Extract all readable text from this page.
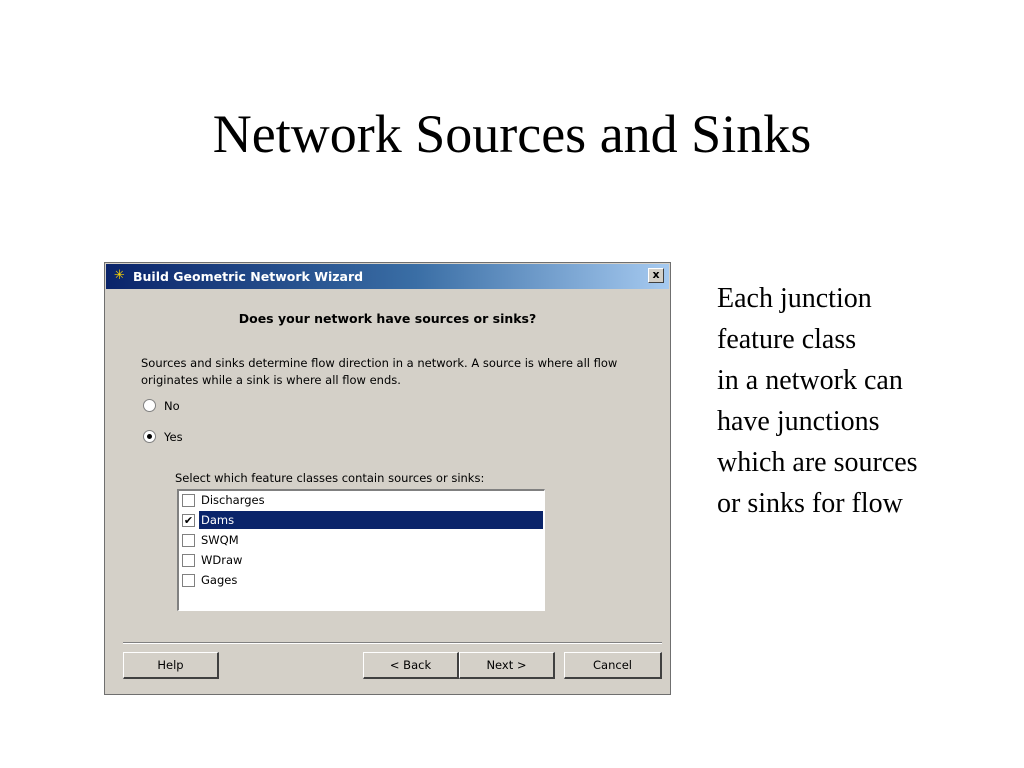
Network Sources and Sinks
Each junction
feature class
in a network can
have junctions
which are sources
or sinks for flow
✳ Build Geometric Network Wizard	x
Does your network have sources or sinks?
Sources and sinks determine flow direction in a network. A source is where all flow originates while a sink is where all flow ends.
No
Yes
Select which feature classes contain sources or sinks:
Discharges
✔ Dams
SWQM
WDraw
Gages
Help	< Back	Next >	Cancel
